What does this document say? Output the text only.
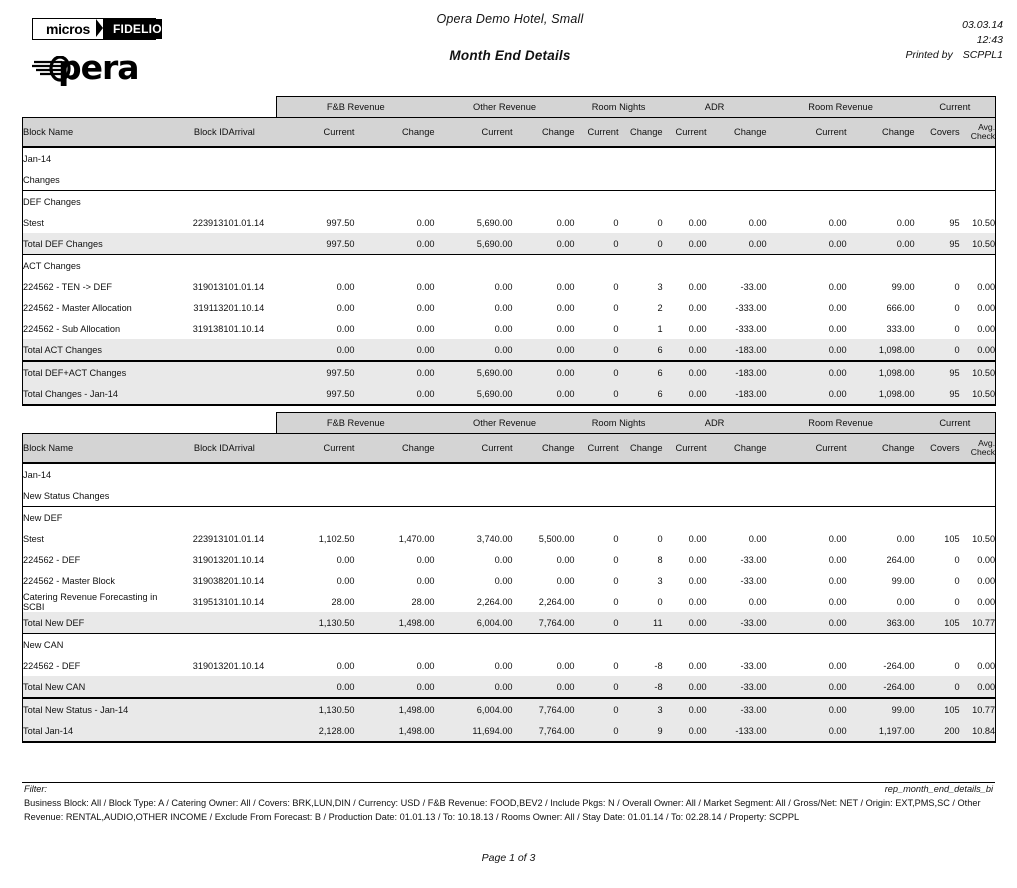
micros	FIDELIO
pera
Opera Demo Hotel, Small
Month End Details
03.03.14
12:43
Printed by SCPPL1
			F&B Revenue		Other Revenue		Room Nights		ADR		Room Revenue		Current	
Block Name	Block ID	Arrival	Current	Change	Current	Change	Current	Change	Current	Change	Current	Change	Covers	Avg.
Check

Jan-14														
Changes														
DEF Changes														
Stest	2239131	01.01.14	997.50	0.00	5,690.00	0.00	0	0	0.00	0.00	0.00	0.00	95	10.50
Total DEF Changes			997.50	0.00	5,690.00	0.00	0	0	0.00	0.00	0.00	0.00	95	10.50
ACT Changes														
224562 - TEN -> DEF	3190131	01.01.14	0.00	0.00	0.00	0.00	0	3	0.00	-33.00	0.00	99.00	0	0.00
224562 - Master Allocation	3191132	01.10.14	0.00	0.00	0.00	0.00	0	2	0.00	-333.00	0.00	666.00	0	0.00
224562 - Sub Allocation	3191381	01.10.14	0.00	0.00	0.00	0.00	0	1	0.00	-333.00	0.00	333.00	0	0.00
Total ACT Changes			0.00	0.00	0.00	0.00	0	6	0.00	-183.00	0.00	1,098.00	0	0.00
Total DEF+ACT Changes			997.50	0.00	5,690.00	0.00	0	6	0.00	-183.00	0.00	1,098.00	95	10.50
Total Changes - Jan-14			997.50	0.00	5,690.00	0.00	0	6	0.00	-183.00	0.00	1,098.00	95	10.50
			F&B Revenue		Other Revenue		Room Nights		ADR		Room Revenue		Current	
Block Name	Block ID	Arrival	Current	Change	Current	Change	Current	Change	Current	Change	Current	Change	Covers	Avg.
Check

Jan-14														
New Status Changes														
New DEF														
Stest	2239131	01.01.14	1,102.50	1,470.00	3,740.00	5,500.00	0	0	0.00	0.00	0.00	0.00	105	10.50
224562 - DEF	3190132	01.10.14	0.00	0.00	0.00	0.00	0	8	0.00	-33.00	0.00	264.00	0	0.00
224562 - Master Block	3190382	01.10.14	0.00	0.00	0.00	0.00	0	3	0.00	-33.00	0.00	99.00	0	0.00
Catering Revenue Forecasting in SCBI	3195131	01.10.14	28.00	28.00	2,264.00	2,264.00	0	0	0.00	0.00	0.00	0.00	0	0.00
Total New DEF			1,130.50	1,498.00	6,004.00	7,764.00	0	11	0.00	-33.00	0.00	363.00	105	10.77
New CAN														
224562 - DEF	3190132	01.10.14	0.00	0.00	0.00	0.00	0	-8	0.00	-33.00	0.00	-264.00	0	0.00
Total New CAN			0.00	0.00	0.00	0.00	0	-8	0.00	-33.00	0.00	-264.00	0	0.00
Total New Status - Jan-14			1,130.50	1,498.00	6,004.00	7,764.00	0	3	0.00	-33.00	0.00	99.00	105	10.77
Total Jan-14			2,128.00	1,498.00	11,694.00	7,764.00	0	9	0.00	-133.00	0.00	1,197.00	200	10.84
Filter:	rep_month_end_details_bi
Business Block: All / Block Type: A / Catering Owner: All / Covers: BRK,LUN,DIN / Currency: USD / F&B Revenue: FOOD,BEV2 / Include Pkgs: N / Overall Owner: All / Market Segment: All / Gross/Net: NET / Origin: EXT,PMS,SC / Other
Revenue: RENTAL,AUDIO,OTHER INCOME / Exclude From Forecast: B / Production Date: 01.01.13 / To: 10.18.13 / Rooms Owner: All / Stay Date: 01.01.14 / To: 02.28.14 / Property: SCPPL
Page 1 of 3
